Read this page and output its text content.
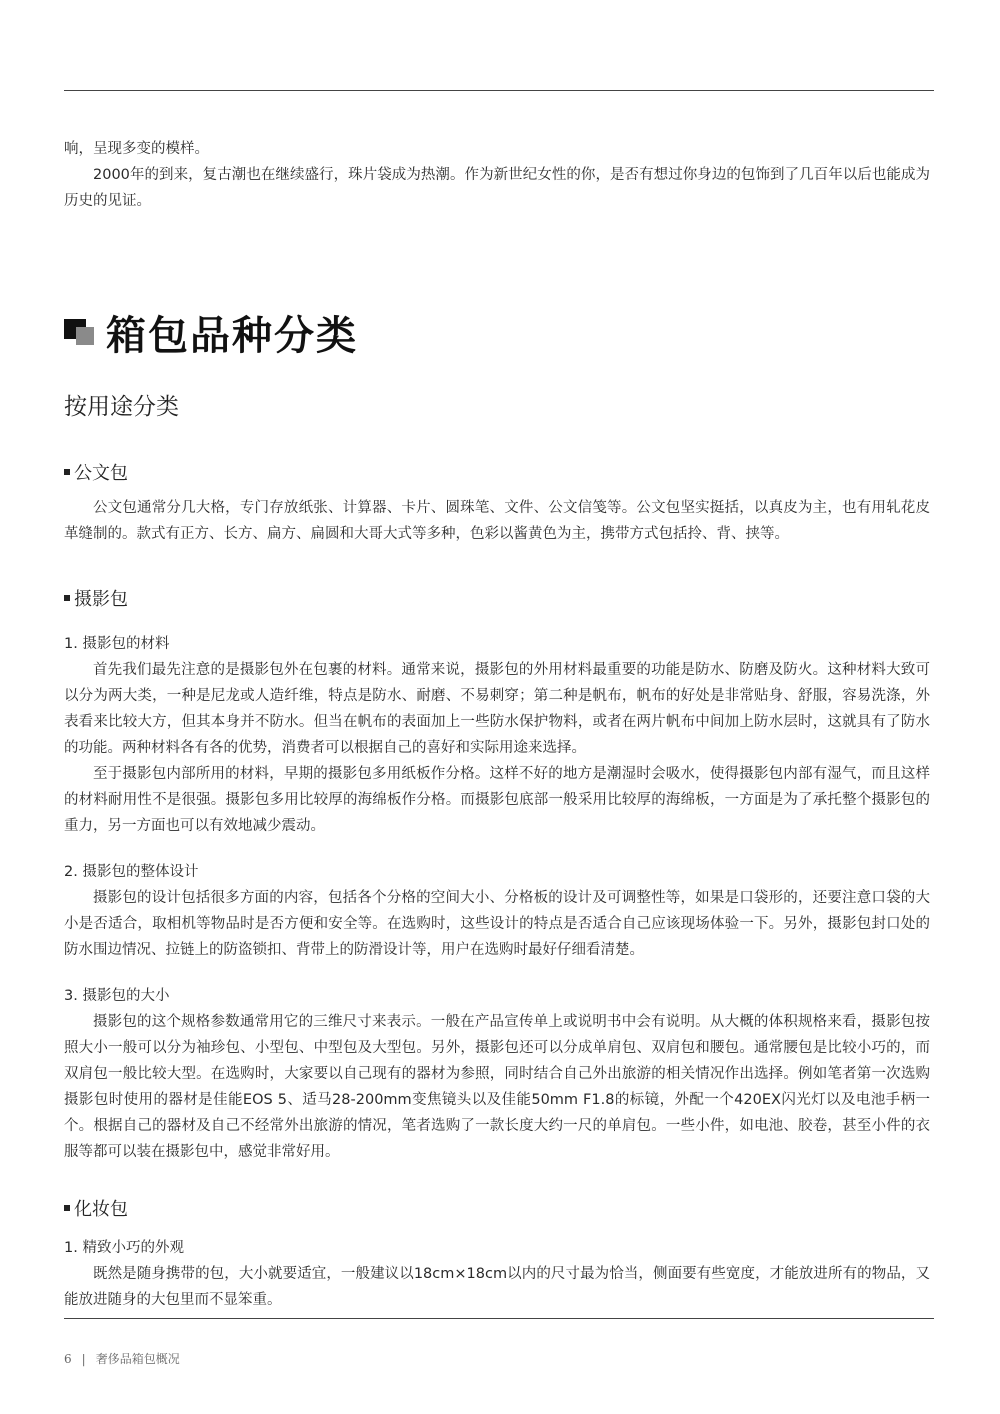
响，呈现多变的模样。

2000年的到来，复古潮也在继续盛行，珠片袋成为热潮。作为新世纪女性的你，是否有想过你身边的包饰到了几百年以后也能成为历史的见证。

箱包品种分类
按用途分类
公文包

公文包通常分几大格，专门存放纸张、计算器、卡片、圆珠笔、文件、公文信笺等。公文包坚实挺括，以真皮为主，也有用轧花皮革缝制的。款式有正方、长方、扁方、扁圆和大哥大式等多种，色彩以酱黄色为主，携带方式包括拎、背、挟等。

摄影包
1. 摄影包的材料

首先我们最先注意的是摄影包外在包裹的材料。通常来说，摄影包的外用材料最重要的功能是防水、防磨及防火。这种材料大致可以分为两大类，一种是尼龙或人造纤维，特点是防水、耐磨、不易刺穿；第二种是帆布，帆布的好处是非常贴身、舒服，容易洗涤，外表看来比较大方，但其本身并不防水。但当在帆布的表面加上一些防水保护物料，或者在两片帆布中间加上防水层时，这就具有了防水的功能。两种材料各有各的优势，消费者可以根据自己的喜好和实际用途来选择。

至于摄影包内部所用的材料，早期的摄影包多用纸板作分格。这样不好的地方是潮湿时会吸水，使得摄影包内部有湿气，而且这样的材料耐用性不是很强。摄影包多用比较厚的海绵板作分格。而摄影包底部一般采用比较厚的海绵板，一方面是为了承托整个摄影包的重力，另一方面也可以有效地减少震动。

2. 摄影包的整体设计

摄影包的设计包括很多方面的内容，包括各个分格的空间大小、分格板的设计及可调整性等，如果是口袋形的，还要注意口袋的大小是否适合，取相机等物品时是否方便和安全等。在选购时，这些设计的特点是否适合自己应该现场体验一下。另外，摄影包封口处的防水围边情况、拉链上的防盗锁扣、背带上的防滑设计等，用户在选购时最好仔细看清楚。

3. 摄影包的大小

摄影包的这个规格参数通常用它的三维尺寸来表示。一般在产品宣传单上或说明书中会有说明。从大概的体积规格来看，摄影包按照大小一般可以分为袖珍包、小型包、中型包及大型包。另外，摄影包还可以分成单肩包、双肩包和腰包。通常腰包是比较小巧的，而双肩包一般比较大型。在选购时，大家要以自己现有的器材为参照，同时结合自己外出旅游的相关情况作出选择。例如笔者第一次选购摄影包时使用的器材是佳能EOS 5、适马28-200mm变焦镜头以及佳能50mm F1.8的标镜，外配一个420EX闪光灯以及电池手柄一个。根据自己的器材及自己不经常外出旅游的情况，笔者选购了一款长度大约一尺的单肩包。一些小件，如电池、胶卷，甚至小件的衣服等都可以装在摄影包中，感觉非常好用。

化妆包
1. 精致小巧的外观

既然是随身携带的包，大小就要适宜，一般建议以18cm×18cm以内的尺寸最为恰当，侧面要有些宽度，才能放进所有的物品，又能放进随身的大包里而不显笨重。

6 | 奢侈品箱包概况
